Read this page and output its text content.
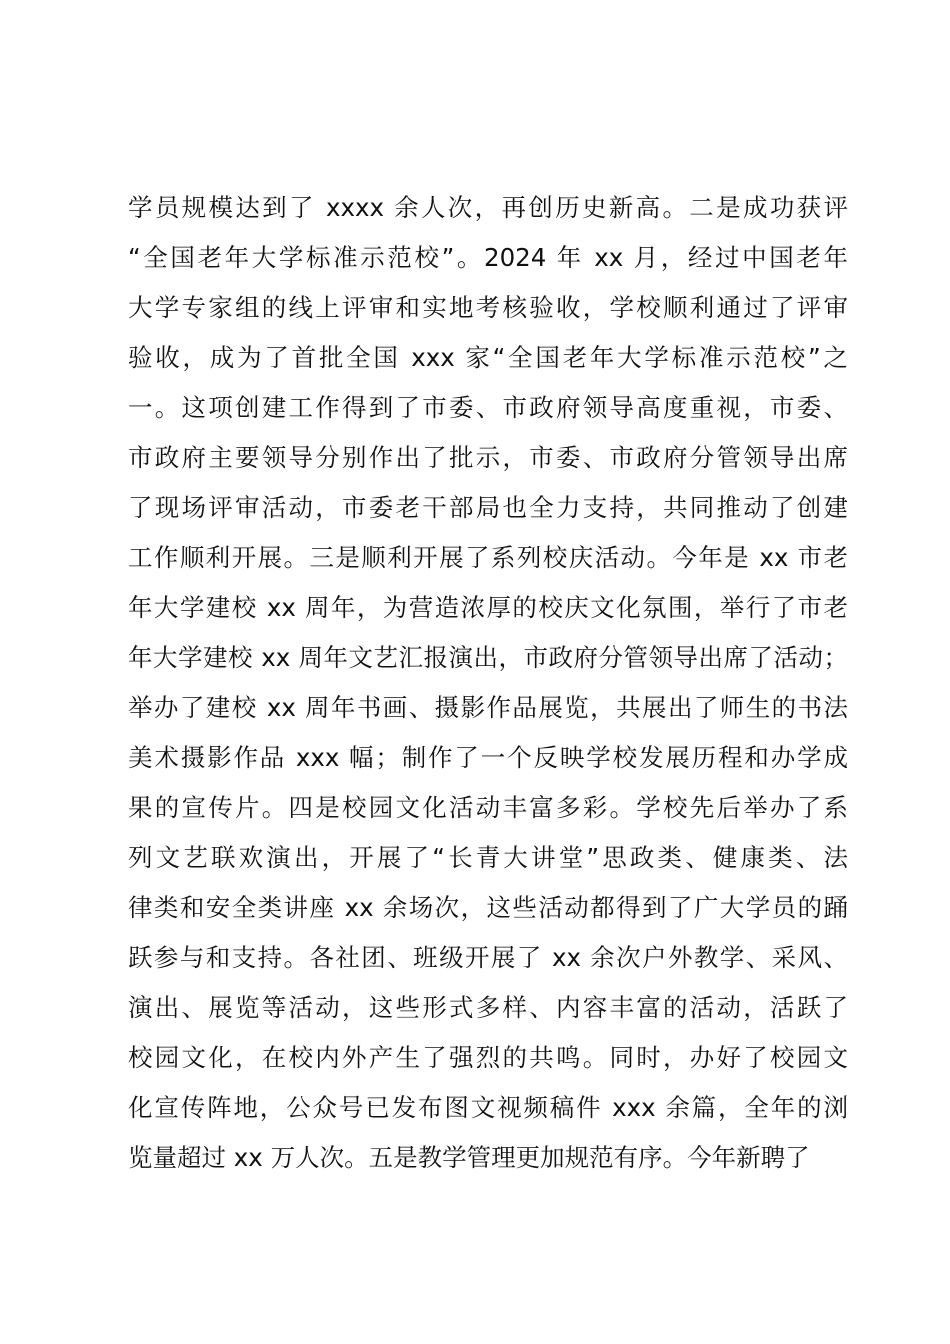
学员规模达到了 xxxx 余人次，再创历史新高。二是成功获评
“全国老年大学标准示范校”。2024 年 xx 月，经过中国老年
大学专家组的线上评审和实地考核验收，学校顺利通过了评审
验收，成为了首批全国 xxx 家“全国老年大学标准示范校”之
一。这项创建工作得到了市委、市政府领导高度重视，市委、
市政府主要领导分别作出了批示，市委、市政府分管领导出席
了现场评审活动，市委老干部局也全力支持，共同推动了创建
工作顺利开展。三是顺利开展了系列校庆活动。今年是 xx 市老
年大学建校 xx 周年，为营造浓厚的校庆文化氛围，举行了市老
年大学建校 xx 周年文艺汇报演出，市政府分管领导出席了活动；
举办了建校 xx 周年书画、摄影作品展览，共展出了师生的书法
美术摄影作品 xxx 幅；制作了一个反映学校发展历程和办学成
果的宣传片。四是校园文化活动丰富多彩。学校先后举办了系
列文艺联欢演出，开展了“长青大讲堂”思政类、健康类、法
律类和安全类讲座 xx 余场次，这些活动都得到了广大学员的踊
跃参与和支持。各社团、班级开展了 xx 余次户外教学、采风、
演出、展览等活动，这些形式多样、内容丰富的活动，活跃了
校园文化，在校内外产生了强烈的共鸣。同时，办好了校园文
化宣传阵地，公众号已发布图文视频稿件 xxx 余篇，全年的浏
览量超过 xx 万人次。五是教学管理更加规范有序。今年新聘了
